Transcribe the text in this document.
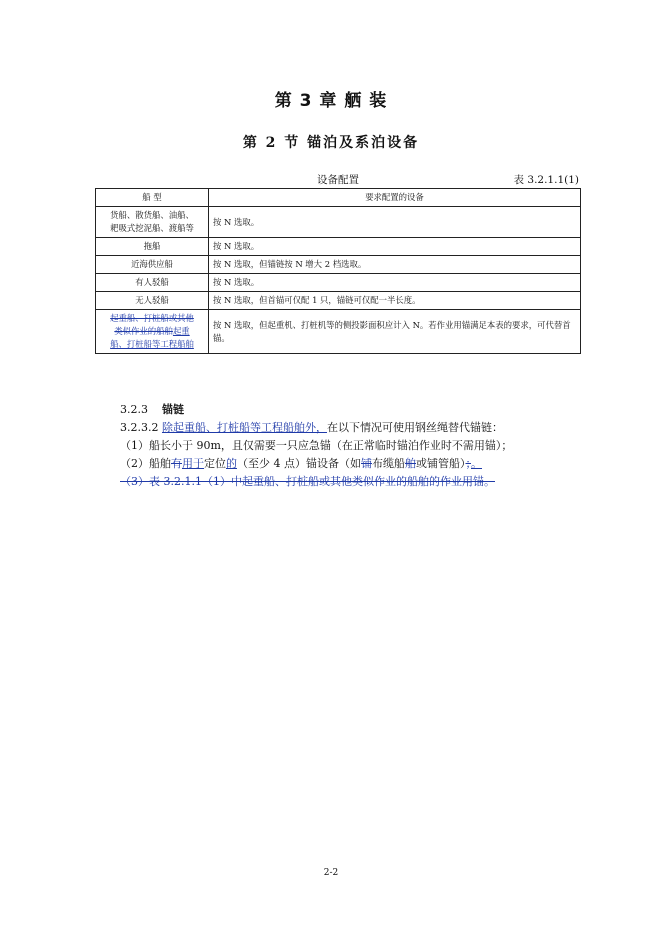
第 3 章 舾 装
第 2 节 锚泊及系泊设备
设备配置	表 3.2.1.1(1)
船 型	要求配置的设备
货船、散货船、油船、
耙吸式挖泥船、渡船等	按 N 选取。
拖船	按 N 选取。
近海供应船	按 N 选取，但锚链按 N 增大 2 档选取。
有人驳船	按 N 选取。
无人驳船	按 N 选取，但首锚可仅配 1 只，锚链可仅配一半长度。
起重船、打桩船或其他
类似作业的船舶起重
船、打桩船等工程船舶	按 N 选取，但起重机、打桩机等的侧投影面积应计入 N。若作业用锚满足本表的要求，可代替首锚。
3.2.3 锚链
3.2.3.2 除起重船、打桩船等工程船舶外，在以下情况可使用钢丝绳替代锚链：
（1）船长小于 90m，且仅需要一只应急锚（在正常临时锚泊作业时不需用锚）；
（2）船舶有用于定位的（至少 4 点）锚设备（如铺布缆船舶或铺管船）；。
（3）表 3.2.1.1（1）中起重船、打桩船或其他类似作业的船舶的作业用锚。
2-2
